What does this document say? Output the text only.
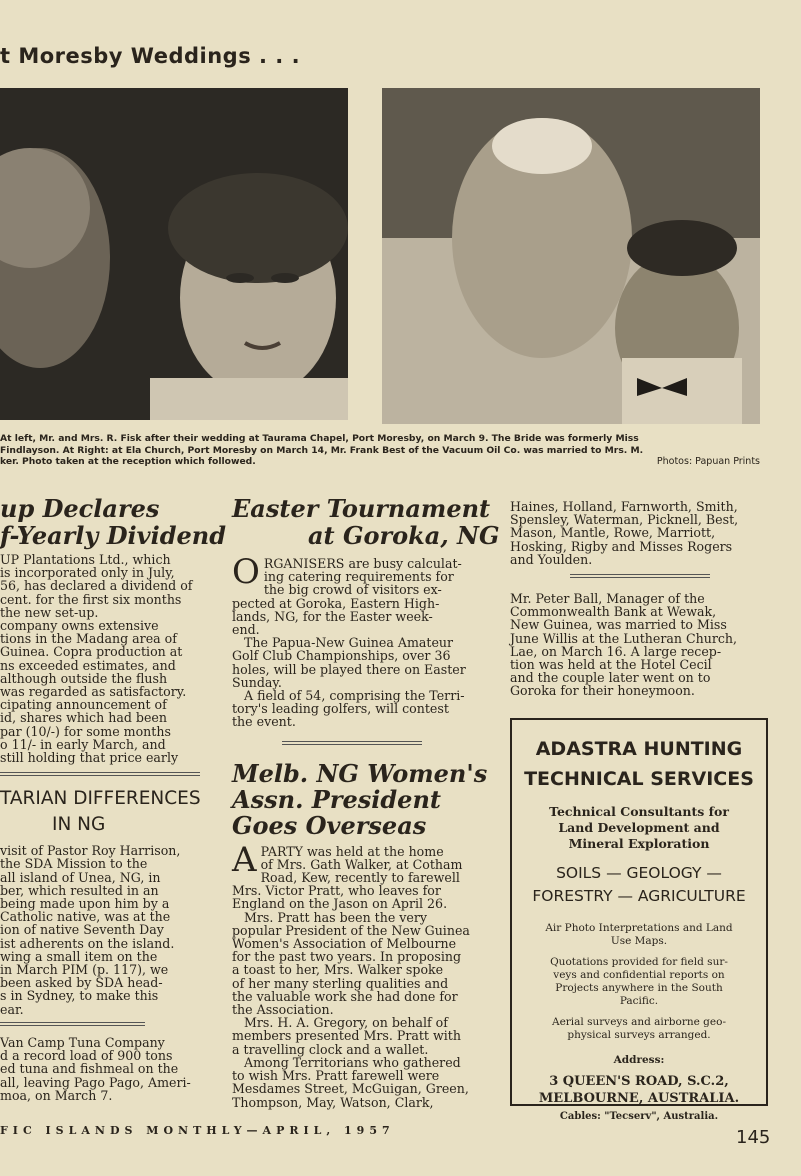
t Moresby Weddings . . .
At left, Mr. and Mrs. R. Fisk after their wedding at Taurama Chapel, Port Moresby, on March 9. The Bride was formerly Miss
Findlayson. At Right: at Ela Church, Port Moresby on March 14, Mr. Frank Best of the Vacuum Oil Co. was married to Mrs. M.
ker. Photo taken at the reception which followed.	Photos: Papuan Prints
up Declares
f-Yearly Dividend
UP Plantations Ltd., which
is incorporated only in July,
56, has declared a dividend of
cent. for the first six months
the new set-up.
company owns extensive
tions in the Madang area of
Guinea. Copra production at
ns exceeded estimates, and
although outside the flush
was regarded as satisfactory.
cipating announcement of
id, shares which had been
par (10/-) for some months
o 11/- in early March, and
still holding that price early
TARIAN DIFFERENCES
IN NG
visit of Pastor Roy Harrison,
the SDA Mission to the
all island of Unea, NG, in
ber, which resulted in an
being made upon him by a
Catholic native, was at the
ion of native Seventh Day
ist adherents on the island.
wing a small item on the
in March PIM (p. 117), we
been asked by SDA head-
s in Sydney, to make this
ear.
Van Camp Tuna Company
d a record load of 900 tons
ed tuna and fishmeal on the
all, leaving Pago Pago, Ameri-
moa, on March 7.
Easter Tournament
at Goroka, NG
O RGANISERS are busy calculat-
ing catering requirements for
the big crowd of visitors ex-
pected at Goroka, Eastern High-
lands, NG, for the Easter week-
end.
The Papua-New Guinea Amateur
Golf Club Championships, over 36
holes, will be played there on Easter
Sunday.
A field of 54, comprising the Terri-
tory's leading golfers, will contest
the event.
Melb. NG Women's
Assn. President
Goes Overseas
A PARTY was held at the home
of Mrs. Gath Walker, at Cotham
Road, Kew, recently to farewell
Mrs. Victor Pratt, who leaves for
England on the Jason on April 26.
Mrs. Pratt has been the very
popular President of the New Guinea
Women's Association of Melbourne
for the past two years. In proposing
a toast to her, Mrs. Walker spoke
of her many sterling qualities and
the valuable work she had done for
the Association.
Mrs. H. A. Gregory, on behalf of
members presented Mrs. Pratt with
a travelling clock and a wallet.
Among Territorians who gathered
to wish Mrs. Pratt farewell were
Mesdames Street, McGuigan, Green,
Thompson, May, Watson, Clark,
Haines, Holland, Farnworth, Smith,
Spensley, Waterman, Picknell, Best,
Mason, Mantle, Rowe, Marriott,
Hosking, Rigby and Misses Rogers
and Youlden.
Mr. Peter Ball, Manager of the
Commonwealth Bank at Wewak,
New Guinea, was married to Miss
June Willis at the Lutheran Church,
Lae, on March 16. A large recep-
tion was held at the Hotel Cecil
and the couple later went on to
Goroka for their honeymoon.
ADASTRA HUNTING
TECHNICAL SERVICES
Technical Consultants for
Land Development and
Mineral Exploration
SOILS — GEOLOGY —
FORESTRY — AGRICULTURE
Air Photo Interpretations and Land
Use Maps.
Quotations provided for field sur-
veys and confidential reports on
Projects anywhere in the South
Pacific.
Aerial surveys and airborne geo-
physical surveys arranged.
Address:
3 QUEEN'S ROAD, S.C.2,
MELBOURNE, AUSTRALIA.
Cables: "Tecserv", Australia.
FIC ISLANDS MONTHLY—APRIL, 1957	145
